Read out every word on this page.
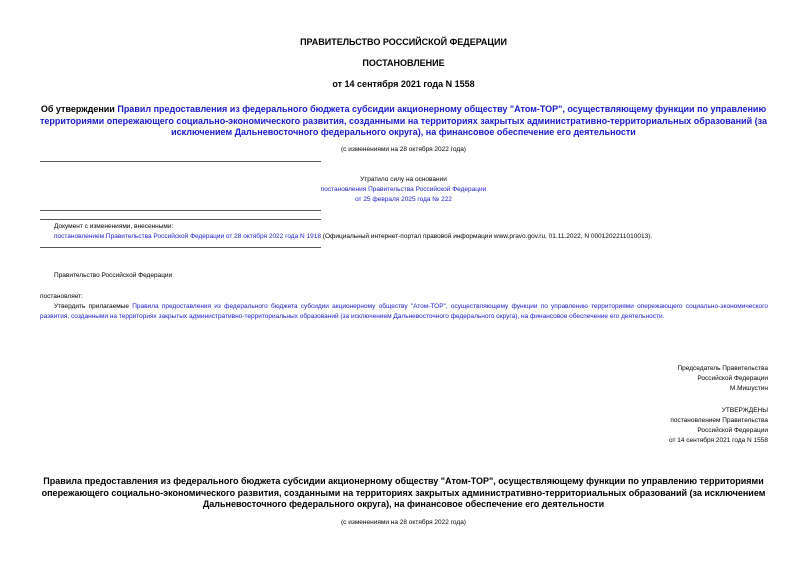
ПРАВИТЕЛЬСТВО РОССИЙСКОЙ ФЕДЕРАЦИИ
ПОСТАНОВЛЕНИЕ
от 14 сентября 2021 года N 1558
Об утверждении Правил предоставления из федерального бюджета субсидии акционерному обществу "Атом-ТОР", осуществляющему функции по управлению территориями опережающего социально-экономического развития, созданными на территориях закрытых административно-территориальных образований (за исключением Дальневосточного федерального округа), на финансовое обеспечение его деятельности
(с изменениями на 28 октября 2022 года)
Утратило силу на основании
постановления Правительства Российской Федерации
от 25 февраля 2025 года № 222
Документ с изменениями, внесенными:
постановлением Правительства Российской Федерации от 28 октября 2022 года N 1918 (Официальный интернет-портал правовой информации www.pravo.gov.ru, 01.11.2022, N 0001202211010013).
Правительство Российской Федерации
постановляет:
Утвердить прилагаемые Правила предоставления из федерального бюджета субсидии акционерному обществу "Атом-ТОР", осуществляющему функции по управлению территориями опережающего социально-экономического развития, созданными на территориях закрытых административно-территориальных образований (за исключением Дальневосточного федерального округа), на финансовое обеспечение его деятельности.
Председатель Правительства
Российской Федерации
М.Мишустин
УТВЕРЖДЕНЫ
постановлением Правительства
Российской Федерации
от 14 сентября 2021 года N 1558
Правила предоставления из федерального бюджета субсидии акционерному обществу "Атом-ТОР", осуществляющему функции по управлению территориями опережающего социально-экономического развития, созданными на территориях закрытых административно-территориальных образований (за исключением Дальневосточного федерального округа), на финансовое обеспечение его деятельности
(с изменениями на 28 октября 2022 года)
